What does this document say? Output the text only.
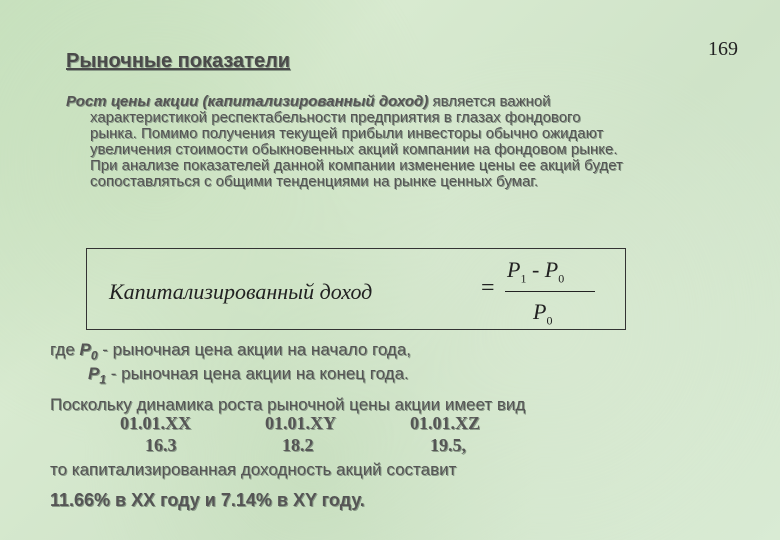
169
Рыночные показатели
Рост цены акции (капитализированный доход) является важной
характеристикой респектабельности предприятия в глазах фондового
рынка. Помимо получения текущей прибыли инвесторы обычно ожидают
увеличения стоимости обыкновенных акций компании на фондовом рынке.
При анализе показателей данной компании изменение цены ее акций будет
сопоставляться с общими тенденциями на рынке ценных бумаг.
Капитализированный доход	=
$P_1 - P_0$
$P_0$
где $P_0$ - рыночная цена акции на начало года,
$P_1$ - рыночная цена акции на конец года.
Поскольку динамика роста рыночной цены акции имеет вид
01.01.XX	01.01.XY	01.01.XZ
16.3	18.2	19.5,
то капитализированная доходность акций составит
11.66% в XX году и 7.14% в XY году.
